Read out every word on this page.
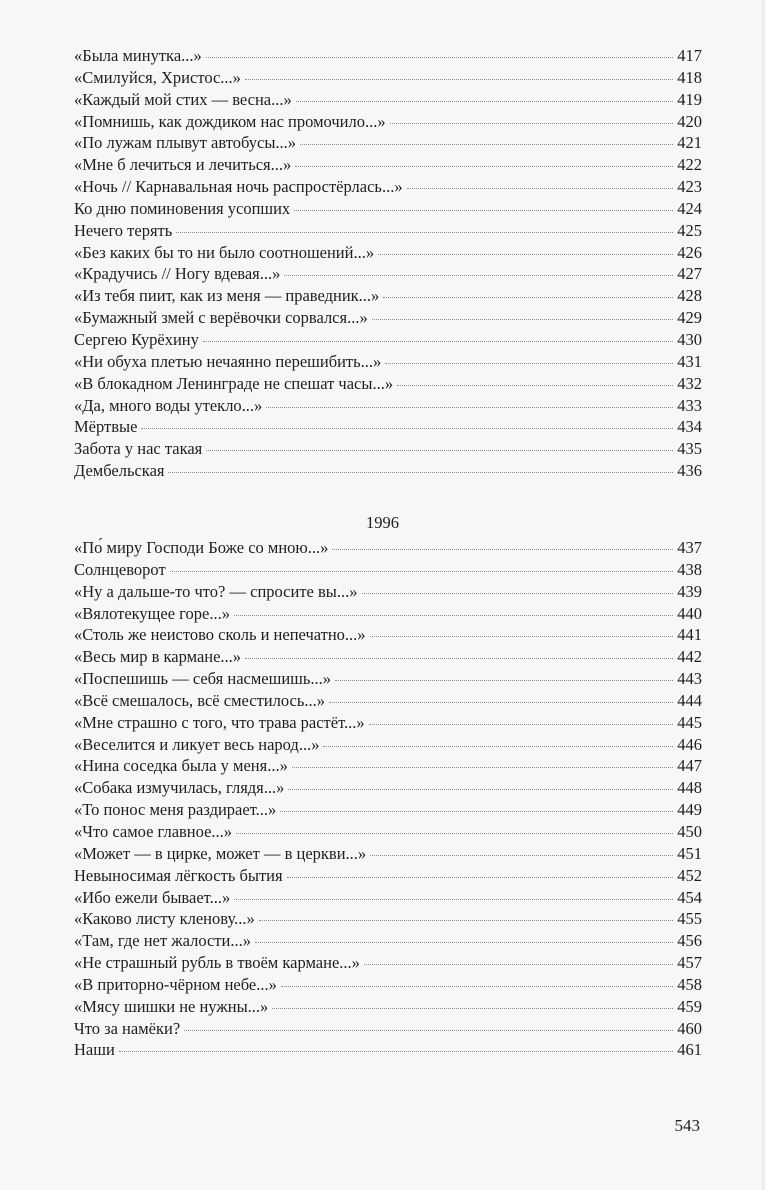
«Была минутка...»	417
«Смилуйся, Христос...»	418
«Каждый мой стих — весна...»	419
«Помнишь, как дождиком нас промочило...»	420
«По лужам плывут автобусы...»	421
«Мне б лечиться и лечиться...»	422
«Ночь // Карнавальная ночь распростёрлась...»	423
Ко дню поминовения усопших	424
Нечего терять	425
«Без каких бы то ни было соотношений...»	426
«Крадучись // Ногу вдевая...»	427
«Из тебя пиит, как из меня — праведник...»	428
«Бумажный змей с верёвочки сорвался...»	429
Сергею Курёхину	430
«Ни обуха плетью нечаянно перешибить...»	431
«В блокадном Ленинграде не спешат часы...»	432
«Да, много воды утекло...»	433
Мёртвые	434
Забота у нас такая	435
Дембельская	436
1996
«По́ миру Господи Боже со мною...»	437
Солнцеворот	438
«Ну а дальше-то что? — спросите вы...»	439
«Вялотекущее горе...»	440
«Столь же неистово сколь и непечатно...»	441
«Весь мир в кармане...»	442
«Поспешишь — себя насмешишь...»	443
«Всё смешалось, всё сместилось...»	444
«Мне страшно с того, что трава растёт...»	445
«Веселится и ликует весь народ...»	446
«Нина соседка была у меня...»	447
«Собака измучилась, глядя...»	448
«То понос меня раздирает...»	449
«Что самое главное...»	450
«Может — в цирке, может — в церкви...»	451
Невыносимая лёгкость бытия	452
«Ибо ежели бывает...»	454
«Каково листу кленову...»	455
«Там, где нет жалости...»	456
«Не страшный рубль в твоём кармане...»	457
«В приторно-чёрном небе...»	458
«Мясу шишки не нужны...»	459
Что за намёки?	460
Наши	461
543
